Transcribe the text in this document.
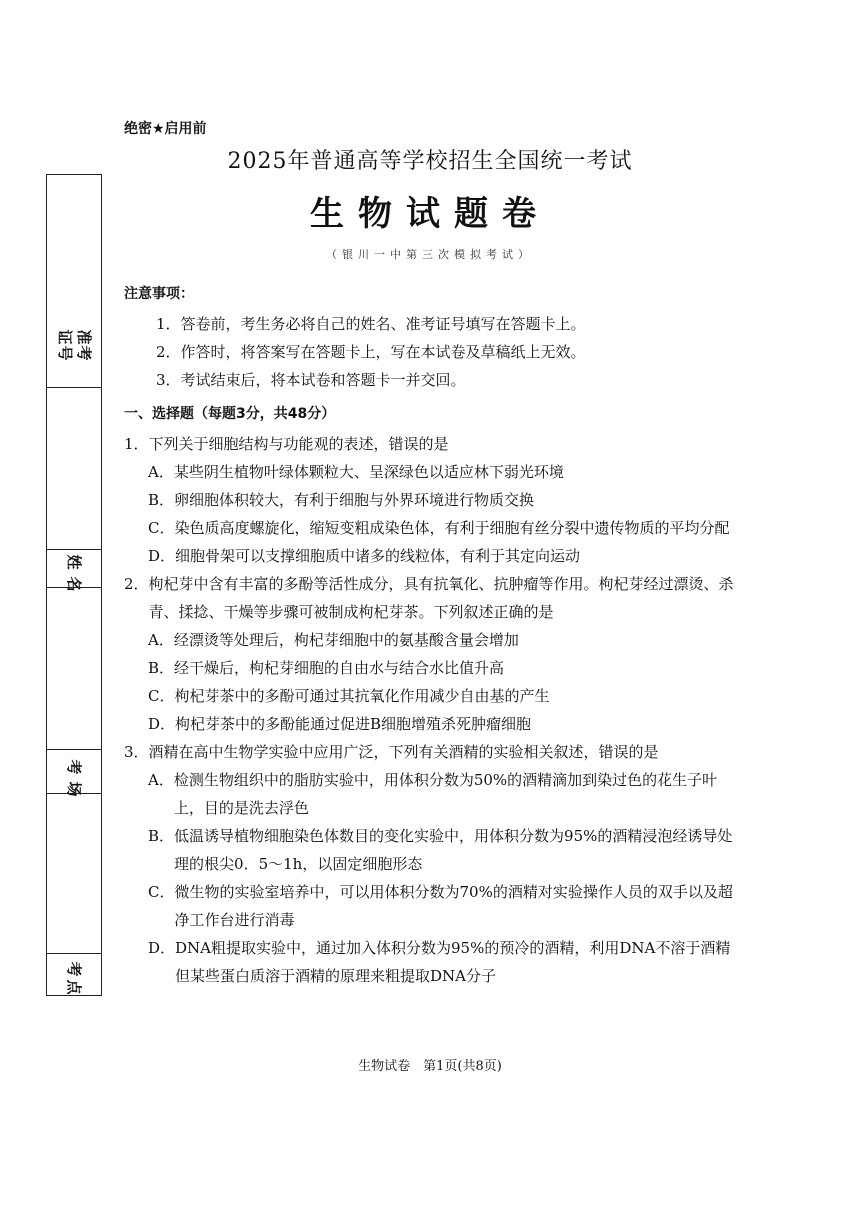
证
号
准
考
姓
名
考
场
考
点
绝密★启用前
2025年普通高等学校招生全国统一考试
生物试题卷
（银川一中第三次模拟考试）
注意事项：
1．答卷前，考生务必将自己的姓名、准考证号填写在答题卡上。
2．作答时，将答案写在答题卡上，写在本试卷及草稿纸上无效。
3．考试结束后，将本试卷和答题卡一并交回。
一、选择题（每题3分，共48分）
1． 下列关于细胞结构与功能观的表述，错误的是
A． 某些阴生植物叶绿体颗粒大、呈深绿色以适应林下弱光环境
B． 卵细胞体积较大，有利于细胞与外界环境进行物质交换
C． 染色质高度螺旋化，缩短变粗成染色体，有利于细胞有丝分裂中遗传物质的平均分配
D． 细胞骨架可以支撑细胞质中诸多的线粒体，有利于其定向运动
2． 枸杞芽中含有丰富的多酚等活性成分，具有抗氧化、抗肿瘤等作用。枸杞芽经过漂烫、杀青、揉捻、干燥等步骤可被制成枸杞芽茶。下列叙述正确的是
A． 经漂烫等处理后，枸杞芽细胞中的氨基酸含量会增加
B． 经干燥后，枸杞芽细胞的自由水与结合水比值升高
C． 枸杞芽茶中的多酚可通过其抗氧化作用减少自由基的产生
D． 枸杞芽茶中的多酚能通过促进B细胞增殖杀死肿瘤细胞
3． 酒精在高中生物学实验中应用广泛，下列有关酒精的实验相关叙述，错误的是
A． 检测生物组织中的脂肪实验中，用体积分数为50%的酒精滴加到染过色的花生子叶上，目的是洗去浮色
B． 低温诱导植物细胞染色体数目的变化实验中，用体积分数为95%的酒精浸泡经诱导处理的根尖0．5～1h，以固定细胞形态
C． 微生物的实验室培养中，可以用体积分数为70%的酒精对实验操作人员的双手以及超净工作台进行消毒
D． DNA粗提取实验中，通过加入体积分数为95%的预冷的酒精，利用DNA不溶于酒精但某些蛋白质溶于酒精的原理来粗提取DNA分子
生物试卷　第1页(共8页)
